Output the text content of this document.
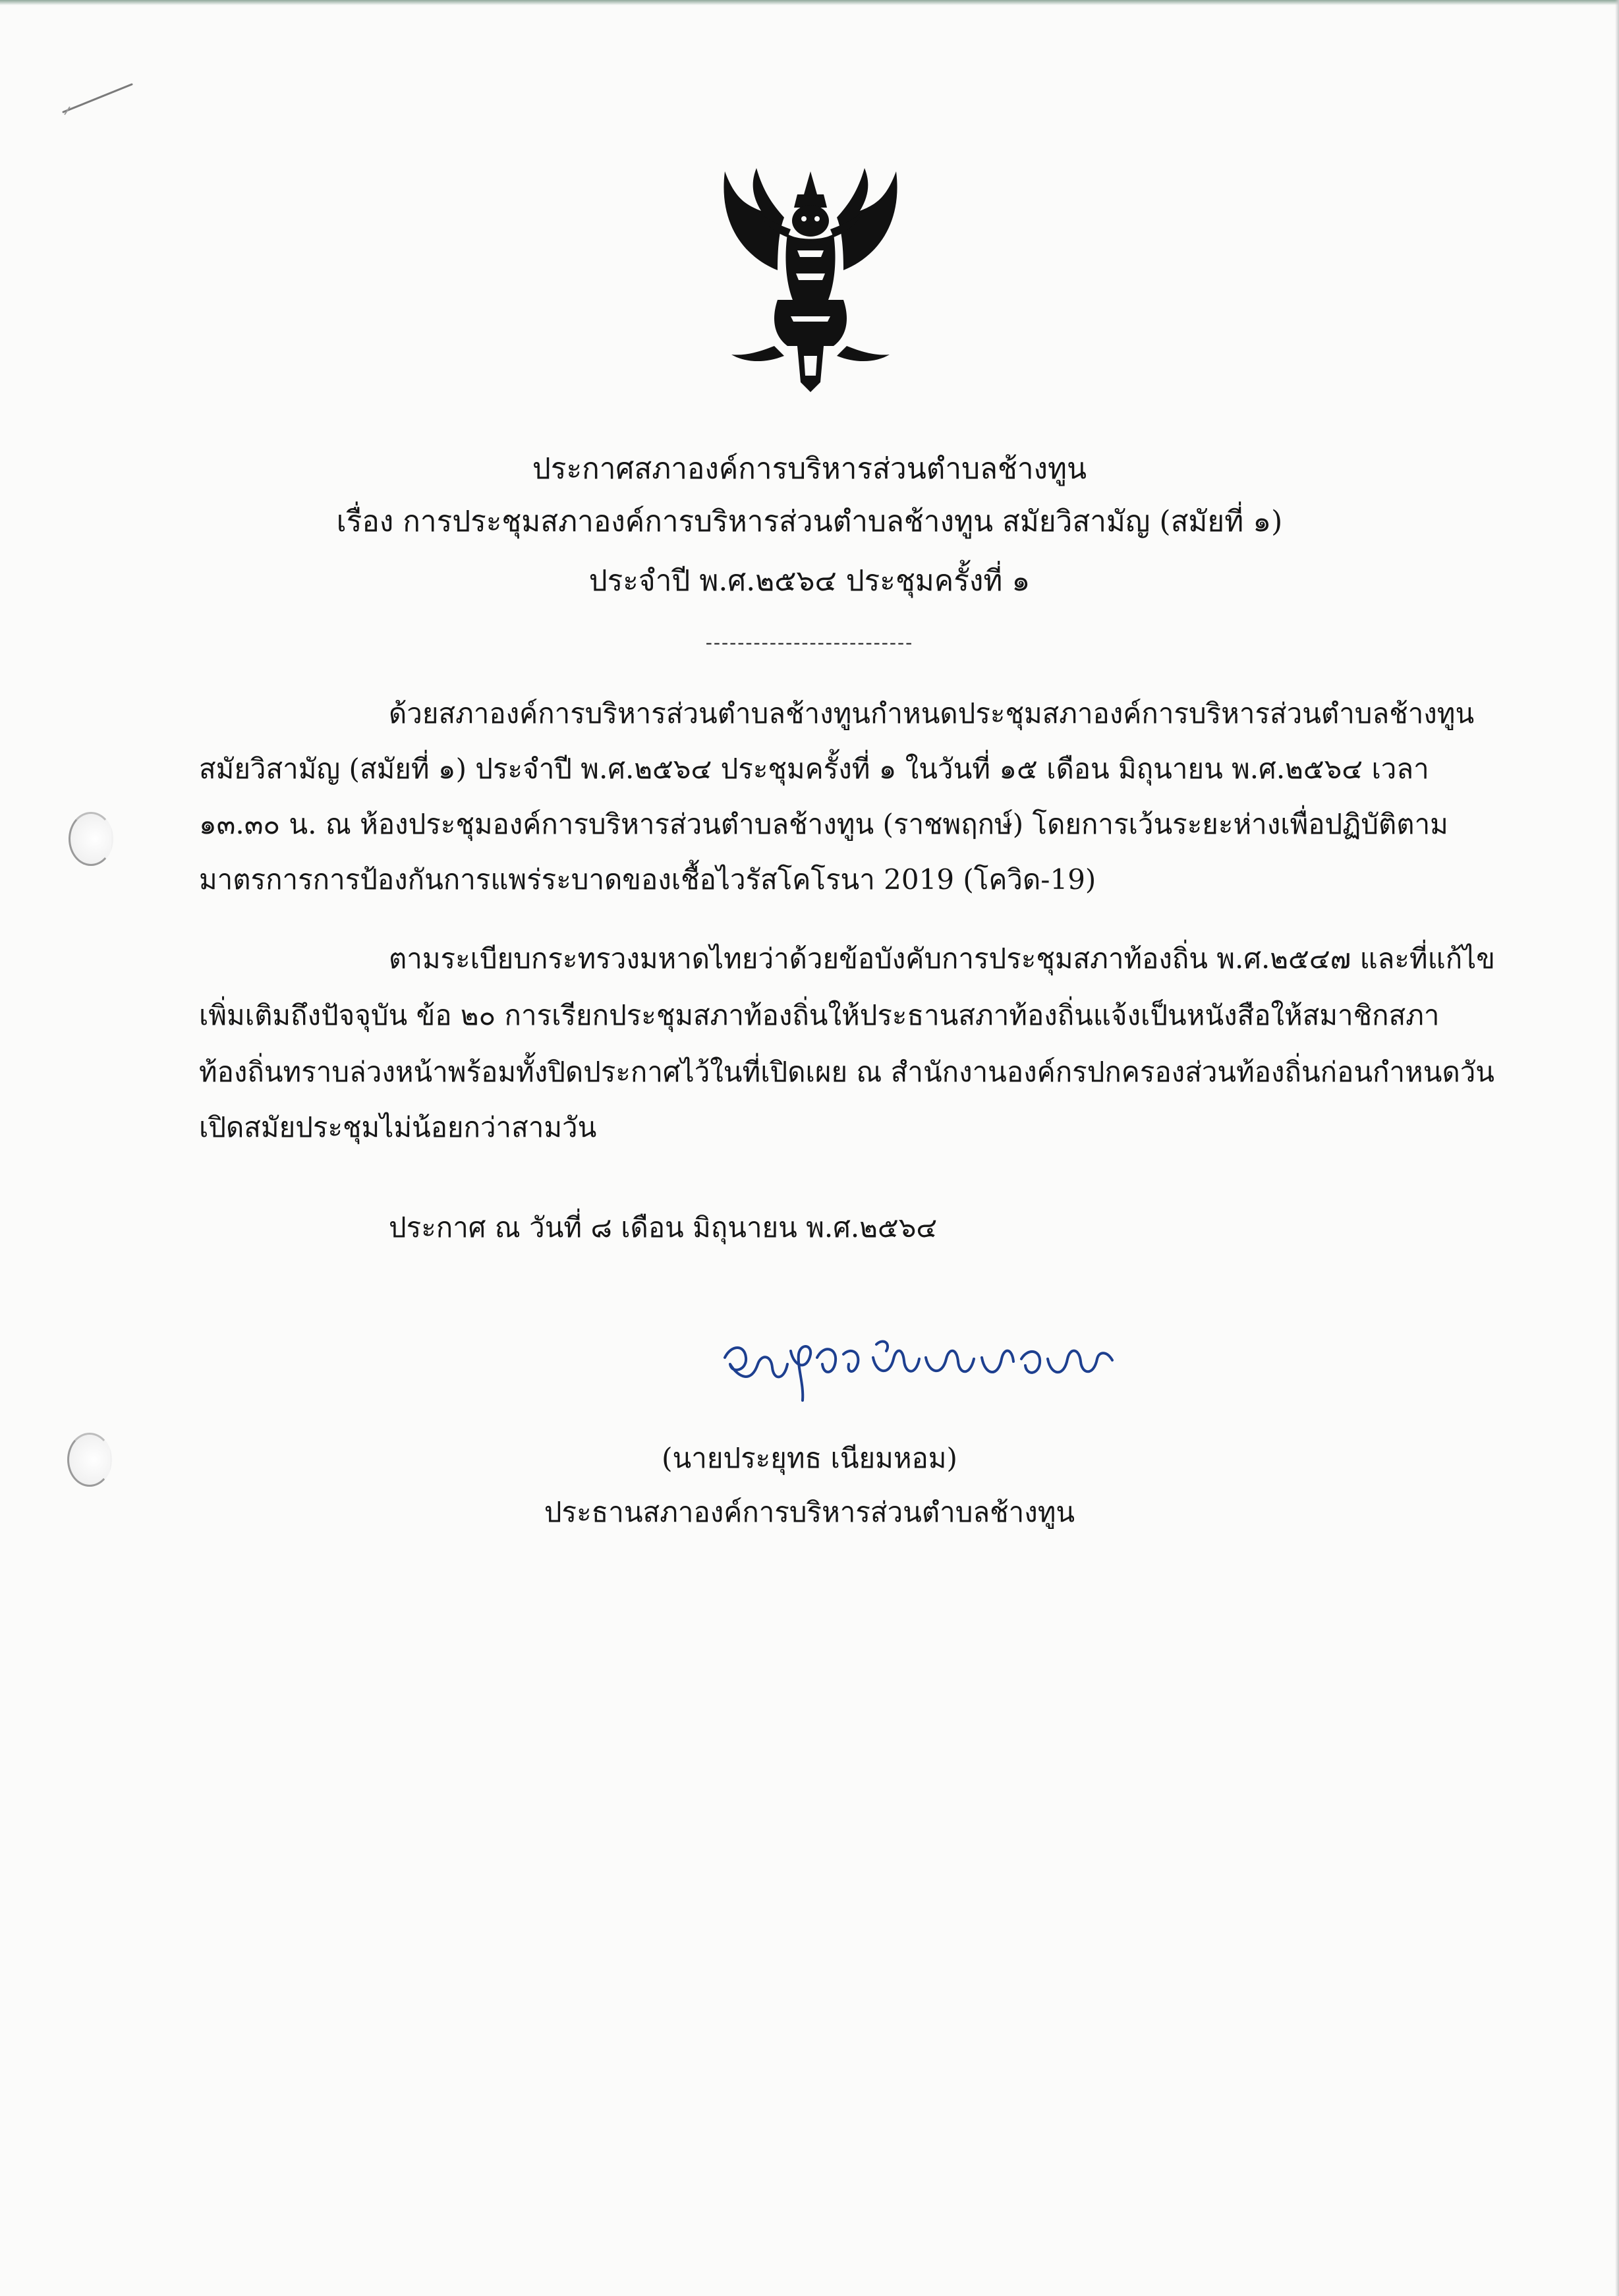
ประกาศสภาองค์การบริหารส่วนตำบลช้างทูน

เรื่อง การประชุมสภาองค์การบริหารส่วนตำบลช้างทูน สมัยวิสามัญ (สมัยที่ ๑)

ประจำปี พ.ศ.๒๕๖๔ ประชุมครั้งที่ ๑

--------------------------

ด้วยสภาองค์การบริหารส่วนตำบลช้างทูนกำหนดประชุมสภาองค์การบริหารส่วนตำบลช้างทูน

สมัยวิสามัญ (สมัยที่ ๑) ประจำปี พ.ศ.๒๕๖๔ ประชุมครั้งที่ ๑ ในวันที่ ๑๕ เดือน มิถุนายน พ.ศ.๒๕๖๔ เวลา

๑๓.๓๐ น. ณ ห้องประชุมองค์การบริหารส่วนตำบลช้างทูน (ราชพฤกษ์) โดยการเว้นระยะห่างเพื่อปฏิบัติตาม

มาตรการการป้องกันการแพร่ระบาดของเชื้อไวรัสโคโรนา 2019 (โควิด-19)

ตามระเบียบกระทรวงมหาดไทยว่าด้วยข้อบังคับการประชุมสภาท้องถิ่น พ.ศ.๒๕๔๗ และที่แก้ไข

เพิ่มเติมถึงปัจจุบัน ข้อ ๒๐ การเรียกประชุมสภาท้องถิ่นให้ประธานสภาท้องถิ่นแจ้งเป็นหนังสือให้สมาชิกสภา

ท้องถิ่นทราบล่วงหน้าพร้อมทั้งปิดประกาศไว้ในที่เปิดเผย ณ สำนักงานองค์กรปกครองส่วนท้องถิ่นก่อนกำหนดวัน

เปิดสมัยประชุมไม่น้อยกว่าสามวัน

ประกาศ ณ วันที่ ๘ เดือน มิถุนายน พ.ศ.๒๕๖๔

(นายประยุทธ เนียมหอม)
ประธานสภาองค์การบริหารส่วนตำบลช้างทูน
